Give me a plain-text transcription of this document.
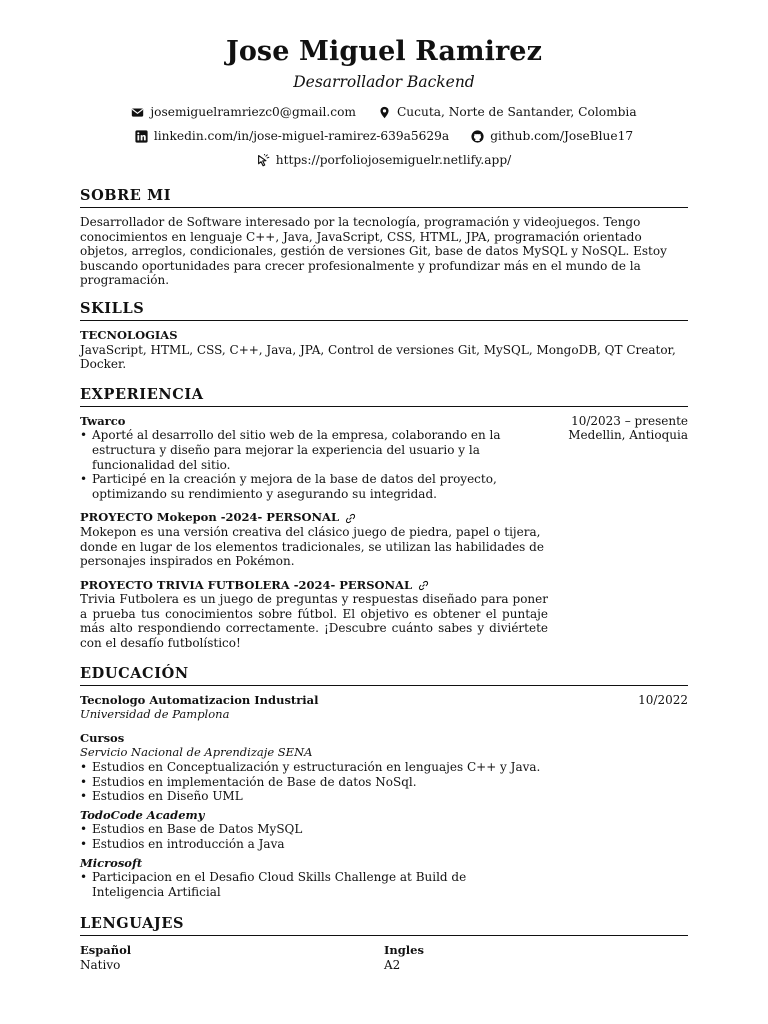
Jose Miguel Ramirez
Desarrollador Backend
josemiguelramriezc0@gmail.com	Cucuta, Norte de Santander, Colombia
linkedin.com/in/jose-miguel-ramirez-639a5629a	github.com/JoseBlue17
https://porfoliojosemiguelr.netlify.app/
SOBRE MI

Desarrollador de Software interesado por la tecnología, programación y videojuegos. Tengo conocimientos en lenguaje C++, Java, JavaScript, CSS, HTML, JPA, programación orientado objetos, arreglos, condicionales, gestión de versiones Git, base de datos MySQL y NoSQL. Estoy buscando oportunidades para crecer profesionalmente y profundizar más en el mundo de la programación.

SKILLS
TECNOLOGIAS

JavaScript, HTML, CSS, C++, Java, JPA, Control de versiones Git, MySQL, MongoDB, QT Creator, Docker.

EXPERIENCIA
Twarco
• Aporté al desarrollo del sitio web de la empresa, colaborando en la estructura y diseño para mejorar la experiencia del usuario y la funcionalidad del sitio.
• Participé en la creación y mejora de la base de datos del proyecto, optimizando su rendimiento y asegurando su integridad.
10/2023 – presente
Medellin, Antioquia
PROYECTO Mokepon -2024- PERSONAL

Mokepon es una versión creativa del clásico juego de piedra, papel o tijera, donde en lugar de los elementos tradicionales, se utilizan las habilidades de personajes inspirados en Pokémon.

PROYECTO TRIVIA FUTBOLERA -2024- PERSONAL

Trivia Futbolera es un juego de preguntas y respuestas diseñado para poner a prueba tus conocimientos sobre fútbol. El objetivo es obtener el puntaje más alto respondiendo correctamente. ¡Descubre cuánto sabes y diviértete con el desafío futbolístico!

EDUCACIÓN
Tecnologo Automatizacion Industrial
Universidad de Pamplona
10/2022
Cursos
Servicio Nacional de Aprendizaje SENA
• Estudios en Conceptualización y estructuración en lenguajes C++ y Java.
• Estudios en implementación de Base de datos NoSql.
• Estudios en Diseño UML
TodoCode Academy
• Estudios en Base de Datos MySQL
• Estudios en introducción a Java
Microsoft
• Participacion en el Desafio Cloud Skills Challenge at Build de Inteligencia Artificial
LENGUAJES
Español
Nativo
Ingles
A2
